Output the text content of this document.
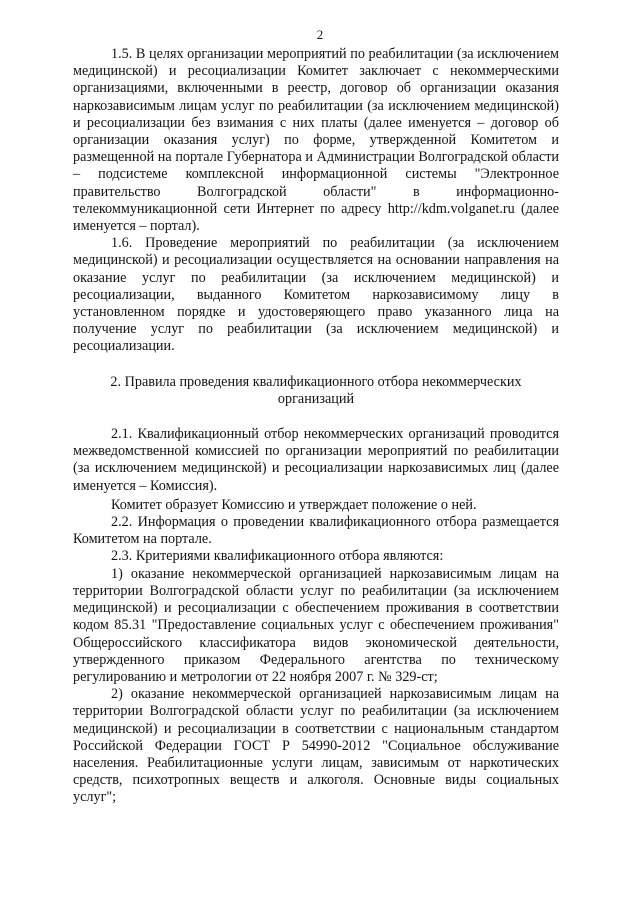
2

1.5. В целях организации мероприятий по реабилитации (за исключением медицинской) и ресоциализации Комитет заключает с некоммерческими организациями, включенными в реестр, договор об организации оказания наркозависимым лицам услуг по реабилитации (за исключением медицинской) и ресоциализации без взимания с них платы (далее именуется – договор об организации оказания услуг) по форме, утвержденной Комитетом и размещенной на портале Губернатора и Администрации Волгоградской области – подсистеме комплексной информационной системы "Электронное правительство Волгоградской области" в информационно-телекоммуникационной сети Интернет по адресу http://kdm.volganet.ru (далее именуется – портал).

1.6. Проведение мероприятий по реабилитации (за исключением медицинской) и ресоциализации осуществляется на основании направления на оказание услуг по реабилитации (за исключением медицинской) и ресоциализации, выданного Комитетом наркозависимому лицу в установленном порядке и удостоверяющего право указанного лица на получение услуг по реабилитации (за исключением медицинской) и ресоциализации.

2. Правила проведения квалификационного отбора некоммерческих организаций

2.1. Квалификационный отбор некоммерческих организаций проводится межведомственной комиссией по организации мероприятий по реабилитации (за исключением медицинской) и ресоциализации наркозависимых лиц (далее именуется – Комиссия).

Комитет образует Комиссию и утверждает положение о ней.

2.2. Информация о проведении квалификационного отбора размещается Комитетом на портале.

2.3. Критериями квалификационного отбора являются:

1) оказание некоммерческой организацией наркозависимым лицам на территории Волгоградской области услуг по реабилитации (за исключением медицинской) и ресоциализации с обеспечением проживания в соответствии кодом 85.31 "Предоставление социальных услуг с обеспечением проживания" Общероссийского классификатора видов экономической деятельности, утвержденного приказом Федерального агентства по техническому регулированию и метрологии от 22 ноября 2007 г. № 329-ст;

2) оказание некоммерческой организацией наркозависимым лицам на территории Волгоградской области услуг по реабилитации (за исключением медицинской) и ресоциализации в соответствии с национальным стандартом Российской Федерации ГОСТ Р 54990-2012 "Социальное обслуживание населения. Реабилитационные услуги лицам, зависимым от наркотических средств, психотропных веществ и алкоголя. Основные виды социальных услуг";
